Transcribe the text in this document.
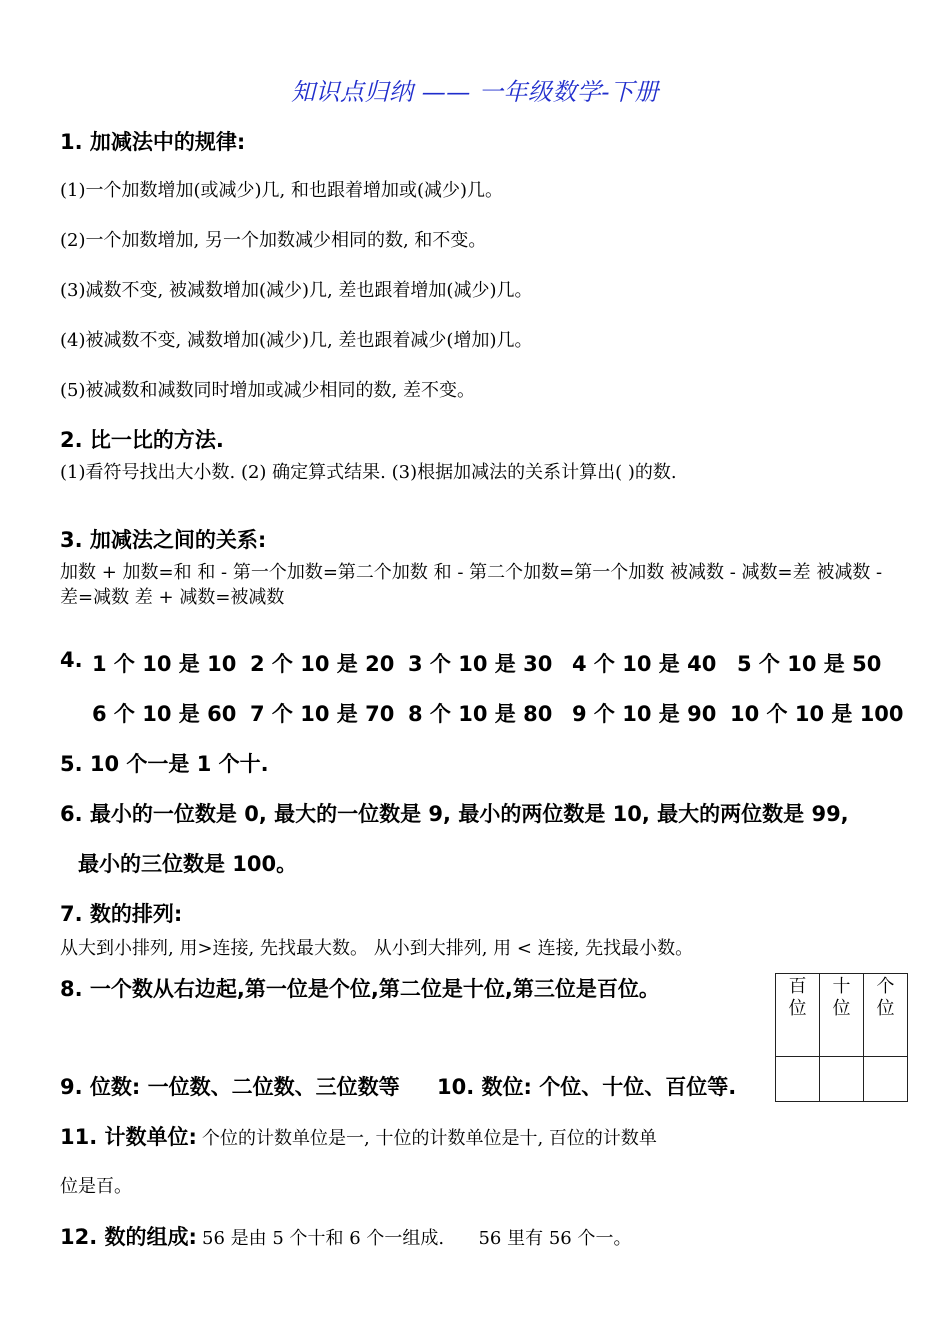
知识点归纳 —— 一年级数学-下册
1. 加减法中的规律:
(1)一个加数增加(或减少)几, 和也跟着增加或(减少)几。
(2)一个加数增加, 另一个加数减少相同的数, 和不变。
(3)减数不变, 被减数增加(减少)几, 差也跟着增加(减少)几。
(4)被减数不变, 减数增加(减少)几, 差也跟着减少(增加)几。
(5)被减数和减数同时增加或减少相同的数, 差不变。
2. 比一比的方法.
(1)看符号找出大小数. (2) 确定算式结果. (3)根据加减法的关系计算出( )的数.
3. 加减法之间的关系:
加数 + 加数=和 和 - 第一个加数=第二个加数 和 - 第二个加数=第一个加数 被减数 - 减数=差 被减数 - 差=减数 差 + 减数=被减数
4. 1 个 10 是 10 2 个 10 是 20 3 个 10 是 30 4 个 10 是 40 5 个 10 是 50
6 个 10 是 60 7 个 10 是 70 8 个 10 是 80 9 个 10 是 90 10 个 10 是 100
5. 10 个一是 1 个十.
6. 最小的一位数是 0, 最大的一位数是 9, 最小的两位数是 10, 最大的两位数是 99,
最小的三位数是 100。
7. 数的排列:
从大到小排列, 用>连接, 先找最大数。 从小到大排列, 用 < 连接, 先找最小数。
8. 一个数从右边起,第一位是个位,第二位是十位,第三位是百位。	百位	十位	个位

9. 位数: 一位数、二位数、三位数等 10. 数位: 个位、十位、百位等.
11. 计数单位: 个位的计数单位是一, 十位的计数单位是十, 百位的计数单
位是百。
12. 数的组成: 56 是由 5 个十和 6 个一组成.      56 里有 56 个一。
